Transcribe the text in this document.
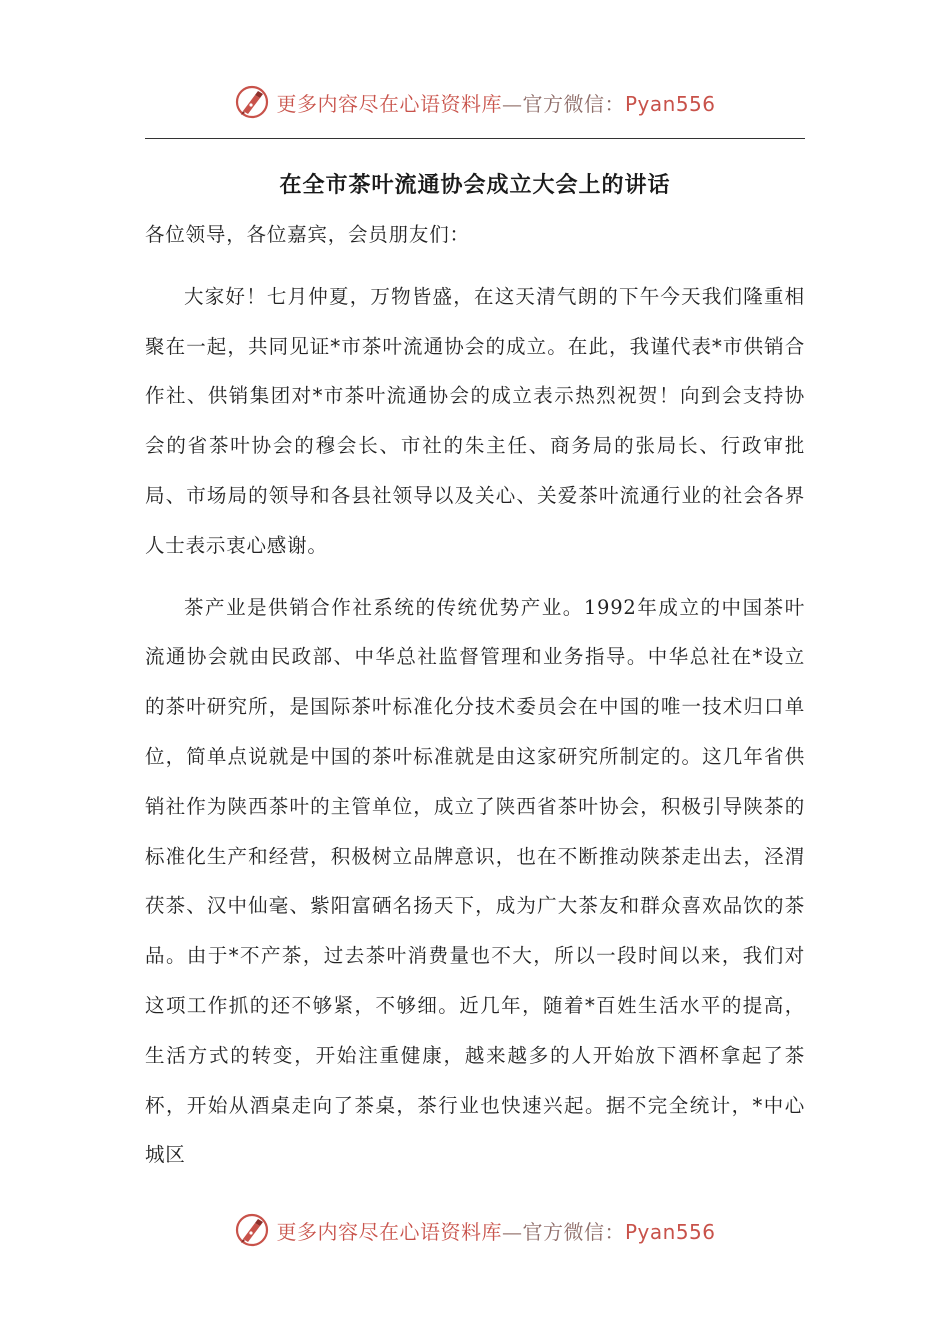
更多内容尽在心语资料库—官方微信：Pyan556
在全市茶叶流通协会成立大会上的讲话

各位领导，各位嘉宾，会员朋友们：

大家好！七月仲夏，万物皆盛，在这天清气朗的下午今天我们隆重相聚在一起，共同见证*市茶叶流通协会的成立。在此，我谨代表*市供销合作社、供销集团对*市茶叶流通协会的成立表示热烈祝贺！向到会支持协会的省茶叶协会的穆会长、市社的朱主任、商务局的张局长、行政审批局、市场局的领导和各县社领导以及关心、关爱茶叶流通行业的社会各界人士表示衷心感谢。

茶产业是供销合作社系统的传统优势产业。1992年成立的中国茶叶流通协会就由民政部、中华总社监督管理和业务指导。中华总社在*设立的茶叶研究所，是国际茶叶标准化分技术委员会在中国的唯一技术归口单位，简单点说就是中国的茶叶标准就是由这家研究所制定的。这几年省供销社作为陕西茶叶的主管单位，成立了陕西省茶叶协会，积极引导陕茶的标准化生产和经营，积极树立品牌意识，也在不断推动陕茶走出去，泾渭茯茶、汉中仙毫、紫阳富硒名扬天下，成为广大茶友和群众喜欢品饮的茶品。由于*不产茶，过去茶叶消费量也不大，所以一段时间以来，我们对这项工作抓的还不够紧，不够细。近几年，随着*百姓生活水平的提高，生活方式的转变，开始注重健康，越来越多的人开始放下酒杯拿起了茶杯，开始从酒桌走向了茶桌，茶行业也快速兴起。据不完全统计，*中心城区

更多内容尽在心语资料库—官方微信：Pyan556
